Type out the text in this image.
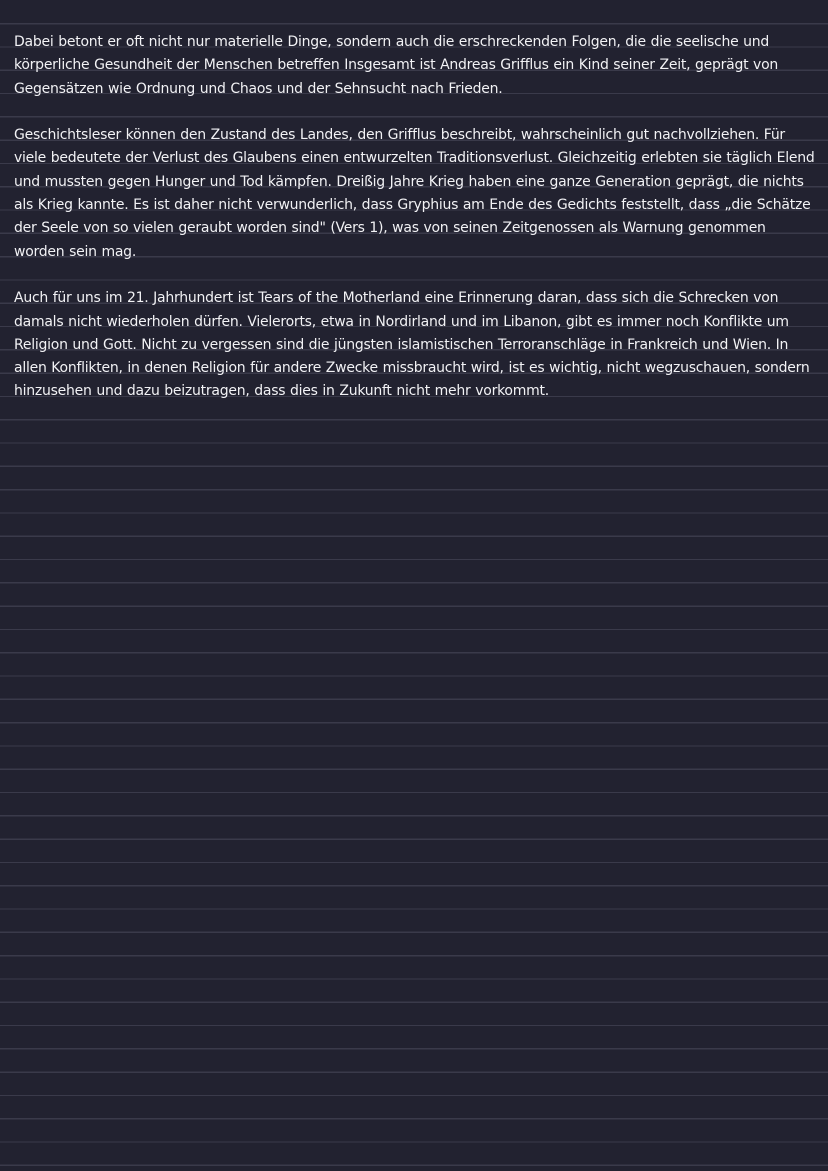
Dabei betont er oft nicht nur materielle Dinge, sondern auch die erschreckenden Folgen, die die seelische und körperliche Gesundheit der Menschen betreffen Insgesamt ist Andreas Grifflus ein Kind seiner Zeit, geprägt von Gegensätzen wie Ordnung und Chaos und der Sehnsucht nach Frieden.

Geschichtsleser können den Zustand des Landes, den Grifflus beschreibt, wahrscheinlich gut nachvollziehen. Für viele bedeutete der Verlust des Glaubens einen entwurzelten Traditionsverlust. Gleichzeitig erlebten sie täglich Elend und mussten gegen Hunger und Tod kämpfen. Dreißig Jahre Krieg haben eine ganze Generation geprägt, die nichts als Krieg kannte. Es ist daher nicht verwunderlich, dass Gryphius am Ende des Gedichts feststellt, dass „die Schätze der Seele von so vielen geraubt worden sind" (Vers 1), was von seinen Zeitgenossen als Warnung genommen worden sein mag.

Auch für uns im 21. Jahrhundert ist Tears of the Motherland eine Erinnerung daran, dass sich die Schrecken von damals nicht wiederholen dürfen. Vielerorts, etwa in Nordirland und im Libanon, gibt es immer noch Konflikte um Religion und Gott. Nicht zu vergessen sind die jüngsten islamistischen Terroranschläge in Frankreich und Wien. In allen Konflikten, in denen Religion für andere Zwecke missbraucht wird, ist es wichtig, nicht wegzuschauen, sondern hinzusehen und dazu beizutragen, dass dies in Zukunft nicht mehr vorkommt.
